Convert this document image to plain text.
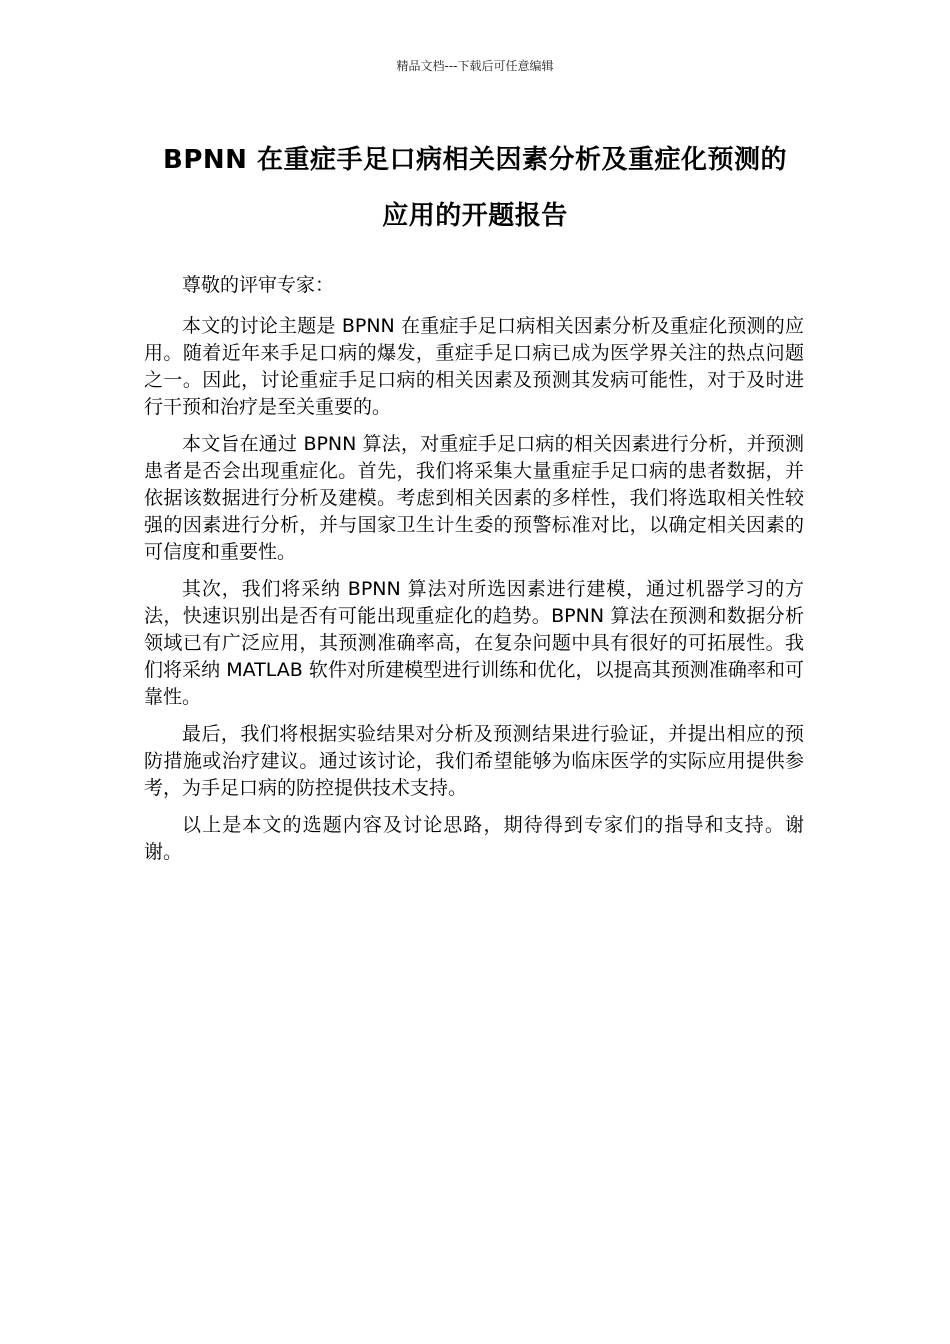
精品文档---下载后可任意编辑
BPNN 在重症手足口病相关因素分析及重症化预测的
应用的开题报告

尊敬的评审专家：

本文的讨论主题是 BPNN 在重症手足口病相关因素分析及重症化预测的应用。随着近年来手足口病的爆发，重症手足口病已成为医学界关注的热点问题之一。因此，讨论重症手足口病的相关因素及预测其发病可能性，对于及时进行干预和治疗是至关重要的。

本文旨在通过 BPNN 算法，对重症手足口病的相关因素进行分析，并预测患者是否会出现重症化。首先，我们将采集大量重症手足口病的患者数据，并依据该数据进行分析及建模。考虑到相关因素的多样性，我们将选取相关性较强的因素进行分析，并与国家卫生计生委的预警标准对比，以确定相关因素的可信度和重要性。

其次，我们将采纳 BPNN 算法对所选因素进行建模，通过机器学习的方法，快速识别出是否有可能出现重症化的趋势。BPNN 算法在预测和数据分析领域已有广泛应用，其预测准确率高，在复杂问题中具有很好的可拓展性。我们将采纳 MATLAB 软件对所建模型进行训练和优化，以提高其预测准确率和可靠性。

最后，我们将根据实验结果对分析及预测结果进行验证，并提出相应的预防措施或治疗建议。通过该讨论，我们希望能够为临床医学的实际应用提供参考，为手足口病的防控提供技术支持。

以上是本文的选题内容及讨论思路，期待得到专家们的指导和支持。谢谢。
